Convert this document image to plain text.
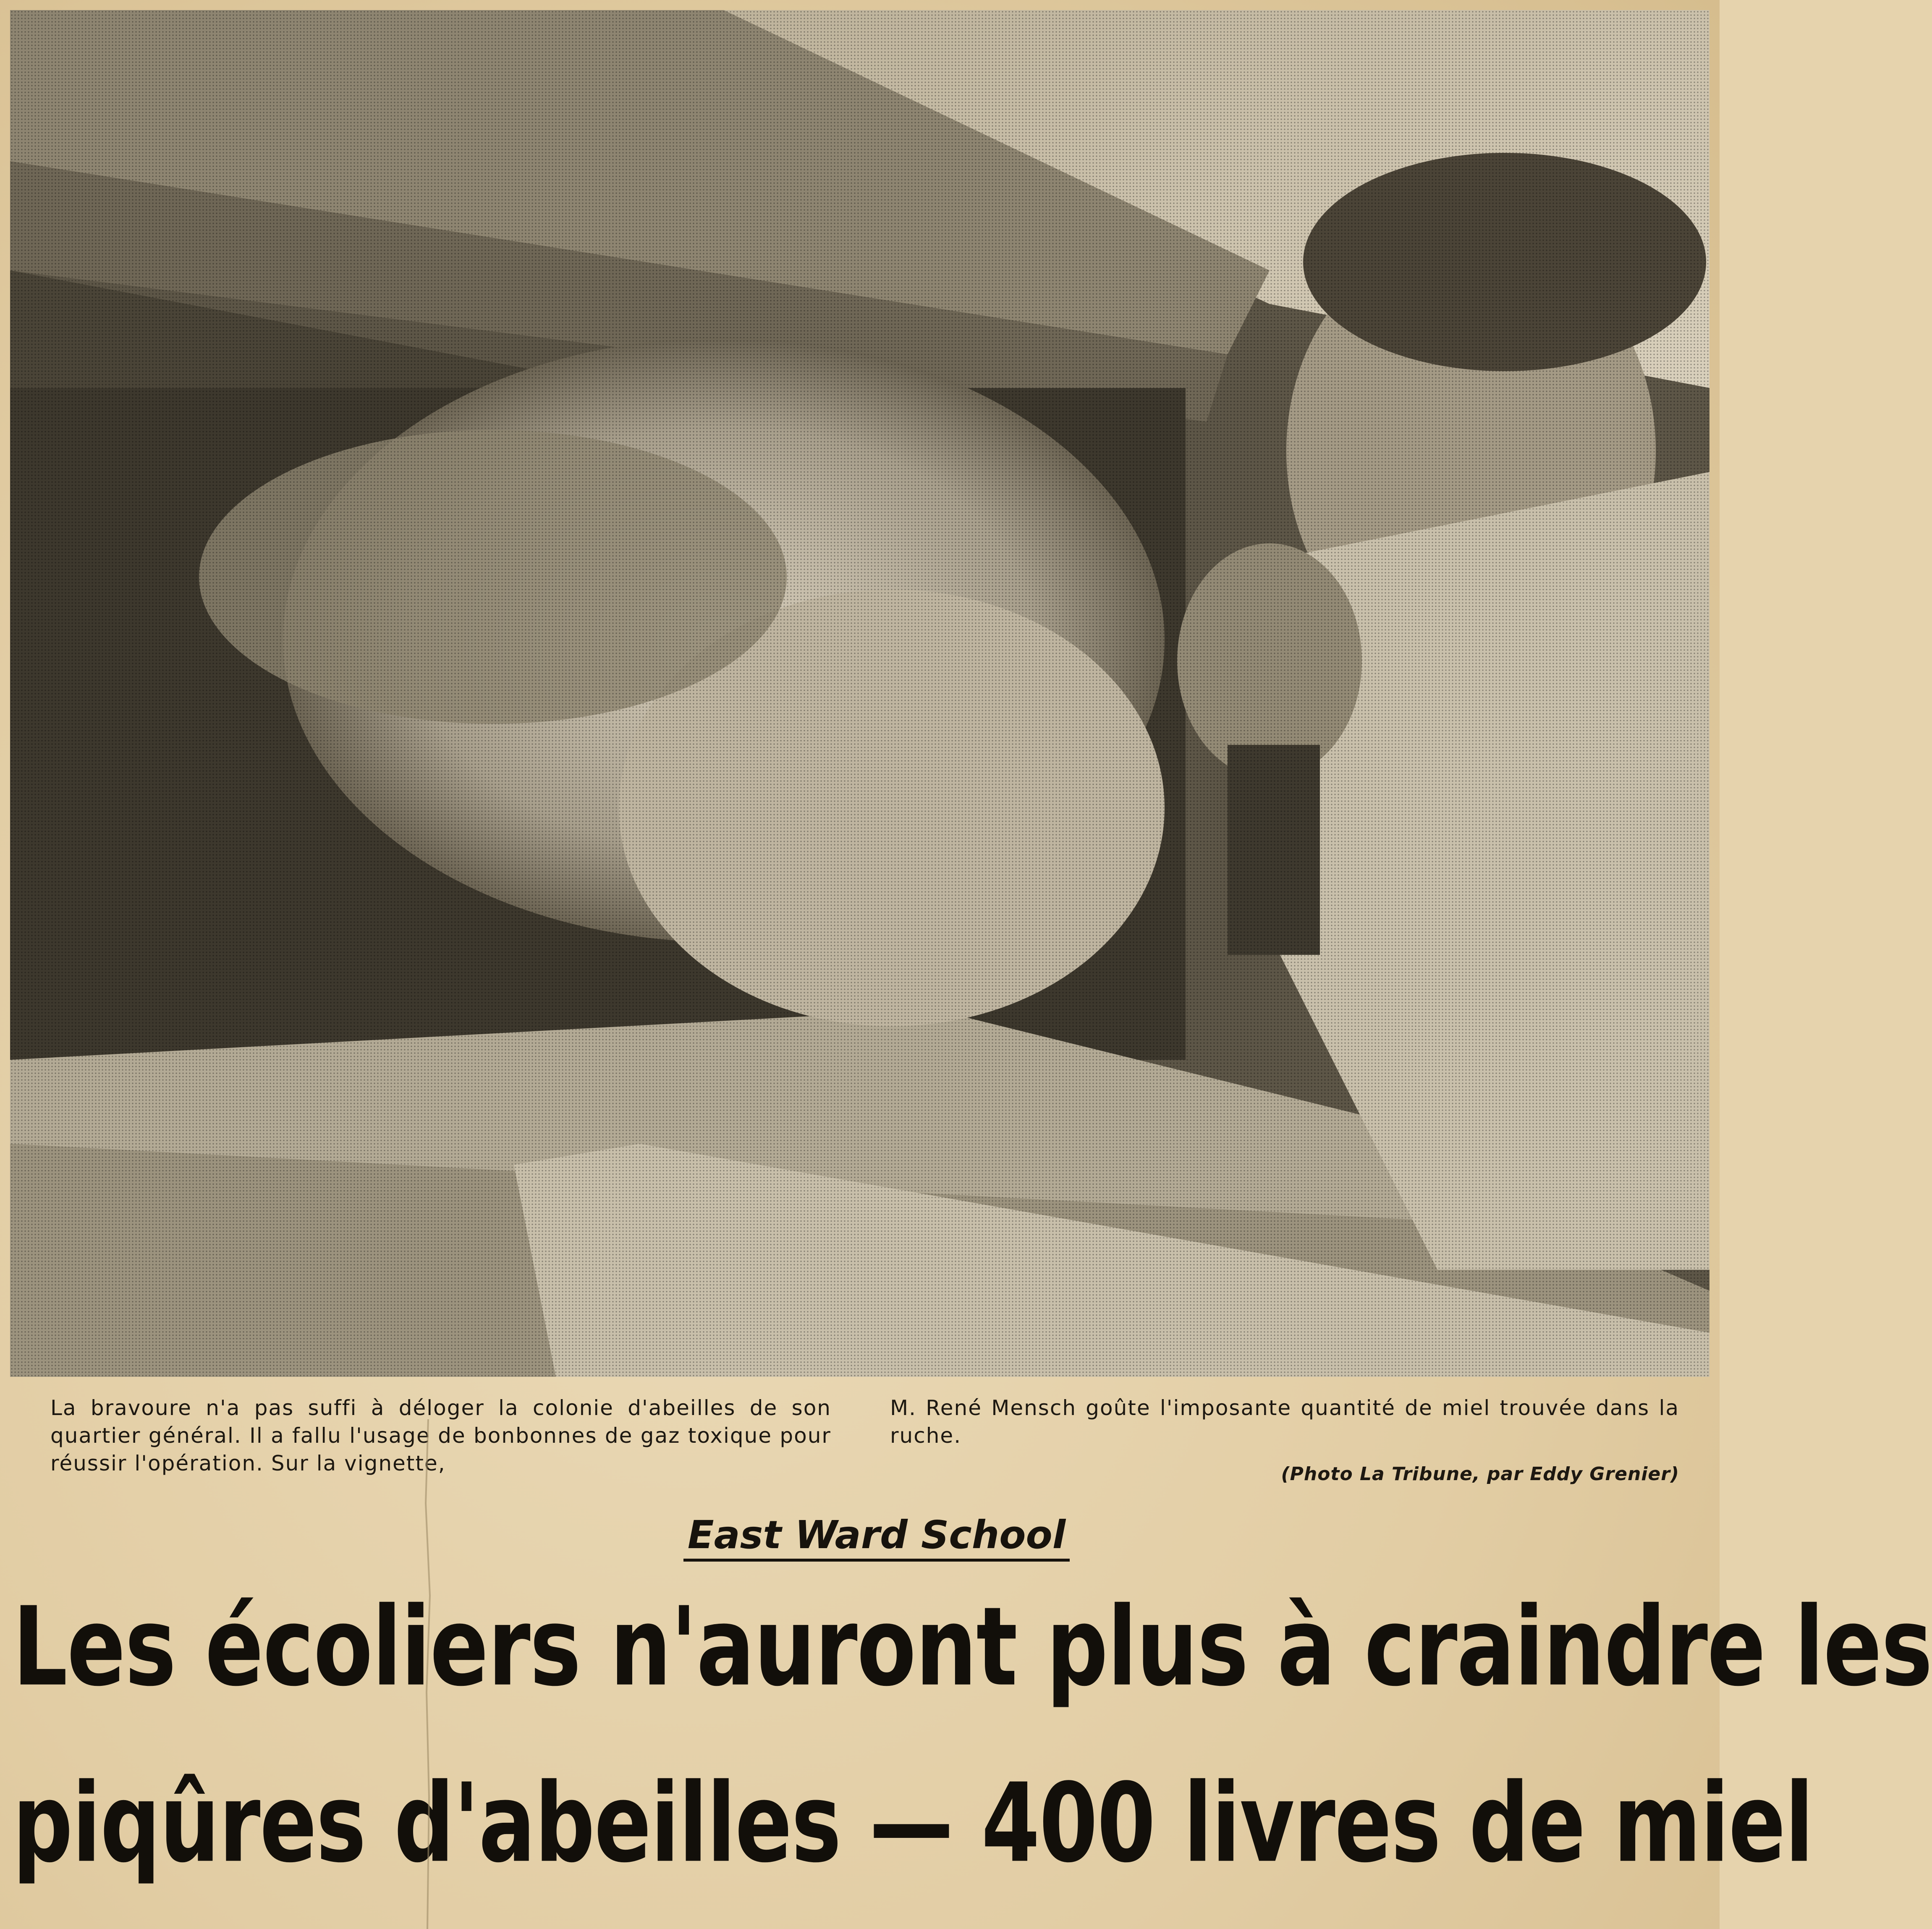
La bravoure n'a pas suffi à déloger la colonie d'abeilles de son quartier général. Il a fallu l'usage de bonbonnes de gaz toxique pour réussir l'opération. Sur la vignette,
M. René Mensch goûte l'imposante quantité de miel trouvée dans la ruche.
(Photo La Tribune, par Eddy Grenier)
East Ward School
Les écoliers n'auront plus à craindre les
piqûres d'abeilles — 400 livres de miel
